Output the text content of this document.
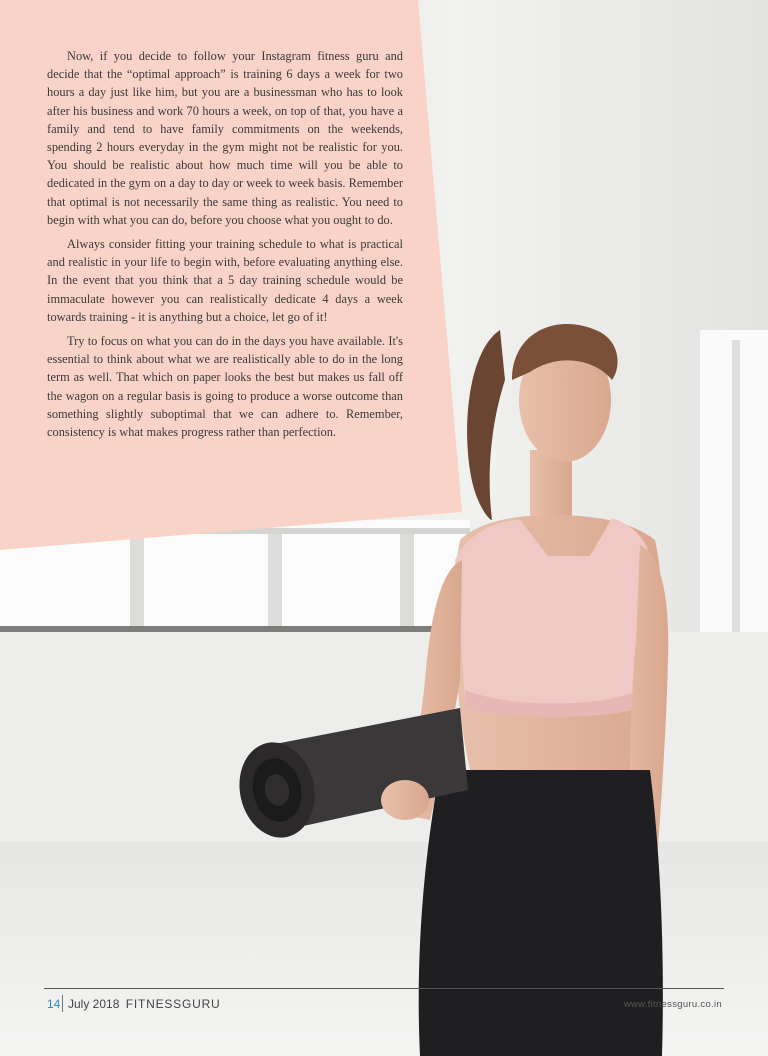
Now, if you decide to follow your Instagram fitness guru and decide that the “optimal approach” is training 6 days a week for two hours a day just like him, but you are a businessman who has to look after his business and work 70 hours a week, on top of that, you have a family and tend to have family commitments on the weekends, spending 2 hours everyday in the gym might not be realistic for you. You should be realistic about how much time will you be able to dedicated in the gym on a day to day or week to week basis. Remember that optimal is not necessarily the same thing as realistic. You need to begin with what you can do, before you choose what you ought to do.

Always consider fitting your training schedule to what is practical and realistic in your life to begin with, before evaluating anything else. In the event that you think that a 5 day training schedule would be immaculate however you can realistically dedicate 4 days a week towards training - it is anything but a choice, let go of it!

Try to focus on what you can do in the days you have available. It's essential to think about what we are realistically able to do in the long term as well. That which on paper looks the best but makes us fall off the wagon on a regular basis is going to produce a worse outcome than something slightly suboptimal that we can adhere to. Remember, consistency is what makes progress rather than perfection.

14 July 2018 FITNESSGURU	www.fitnessguru.co.in
